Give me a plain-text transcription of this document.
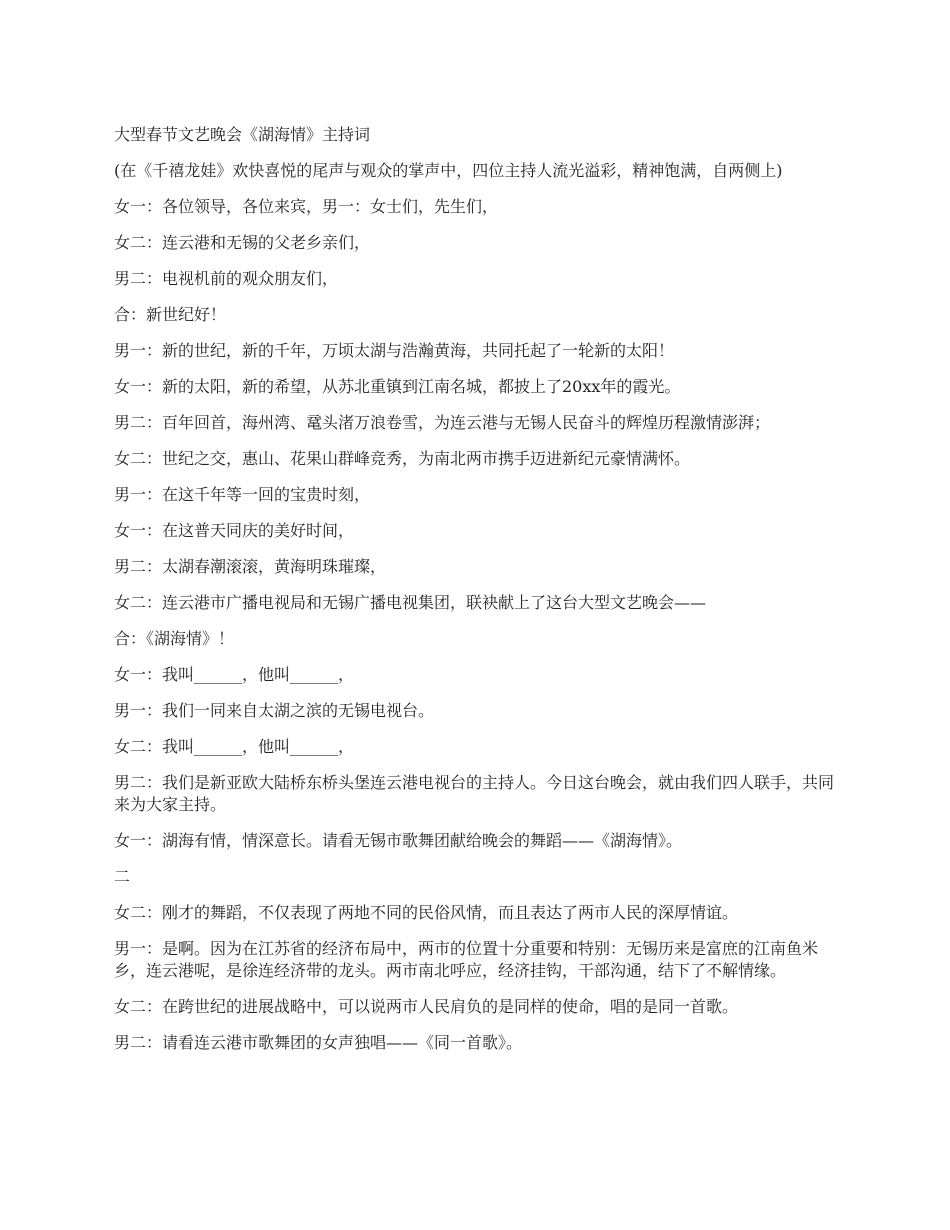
大型春节文艺晚会《湖海情》主持词

(在《千禧龙娃》欢快喜悦的尾声与观众的掌声中，四位主持人流光溢彩，精神饱满，自两侧上)

女一：各位领导，各位来宾，男一：女士们，先生们，

女二：连云港和无锡的父老乡亲们，

男二：电视机前的观众朋友们，

合：新世纪好！

男一：新的世纪，新的千年，万顷太湖与浩瀚黄海，共同托起了一轮新的太阳！

女一：新的太阳，新的希望，从苏北重镇到江南名城，都披上了20xx年的霞光。

男二：百年回首，海州湾、鼋头渚万浪卷雪，为连云港与无锡人民奋斗的辉煌历程激情澎湃；

女二：世纪之交，惠山、花果山群峰竞秀，为南北两市携手迈进新纪元豪情满怀。

男一：在这千年等一回的宝贵时刻，

女一：在这普天同庆的美好时间，

男二：太湖春潮滚滚，黄海明珠璀璨，

女二：连云港市广播电视局和无锡广播电视集团，联袂献上了这台大型文艺晚会——

合：《湖海情》！

女一：我叫______，他叫______，

男一：我们一同来自太湖之滨的无锡电视台。

女二：我叫______，他叫______，

男二：我们是新亚欧大陆桥东桥头堡连云港电视台的主持人。今日这台晚会，就由我们四人联手，共同来为大家主持。

女一：湖海有情，情深意长。请看无锡市歌舞团献给晚会的舞蹈——《湖海情》。

二

女二：刚才的舞蹈，不仅表现了两地不同的民俗风情，而且表达了两市人民的深厚情谊。

男一：是啊。因为在江苏省的经济布局中，两市的位置十分重要和特别：无锡历来是富庶的江南鱼米乡，连云港呢，是徐连经济带的龙头。两市南北呼应，经济挂钩，干部沟通，结下了不解情缘。

女二：在跨世纪的进展战略中，可以说两市人民肩负的是同样的使命，唱的是同一首歌。

男二：请看连云港市歌舞团的女声独唱——《同一首歌》。
